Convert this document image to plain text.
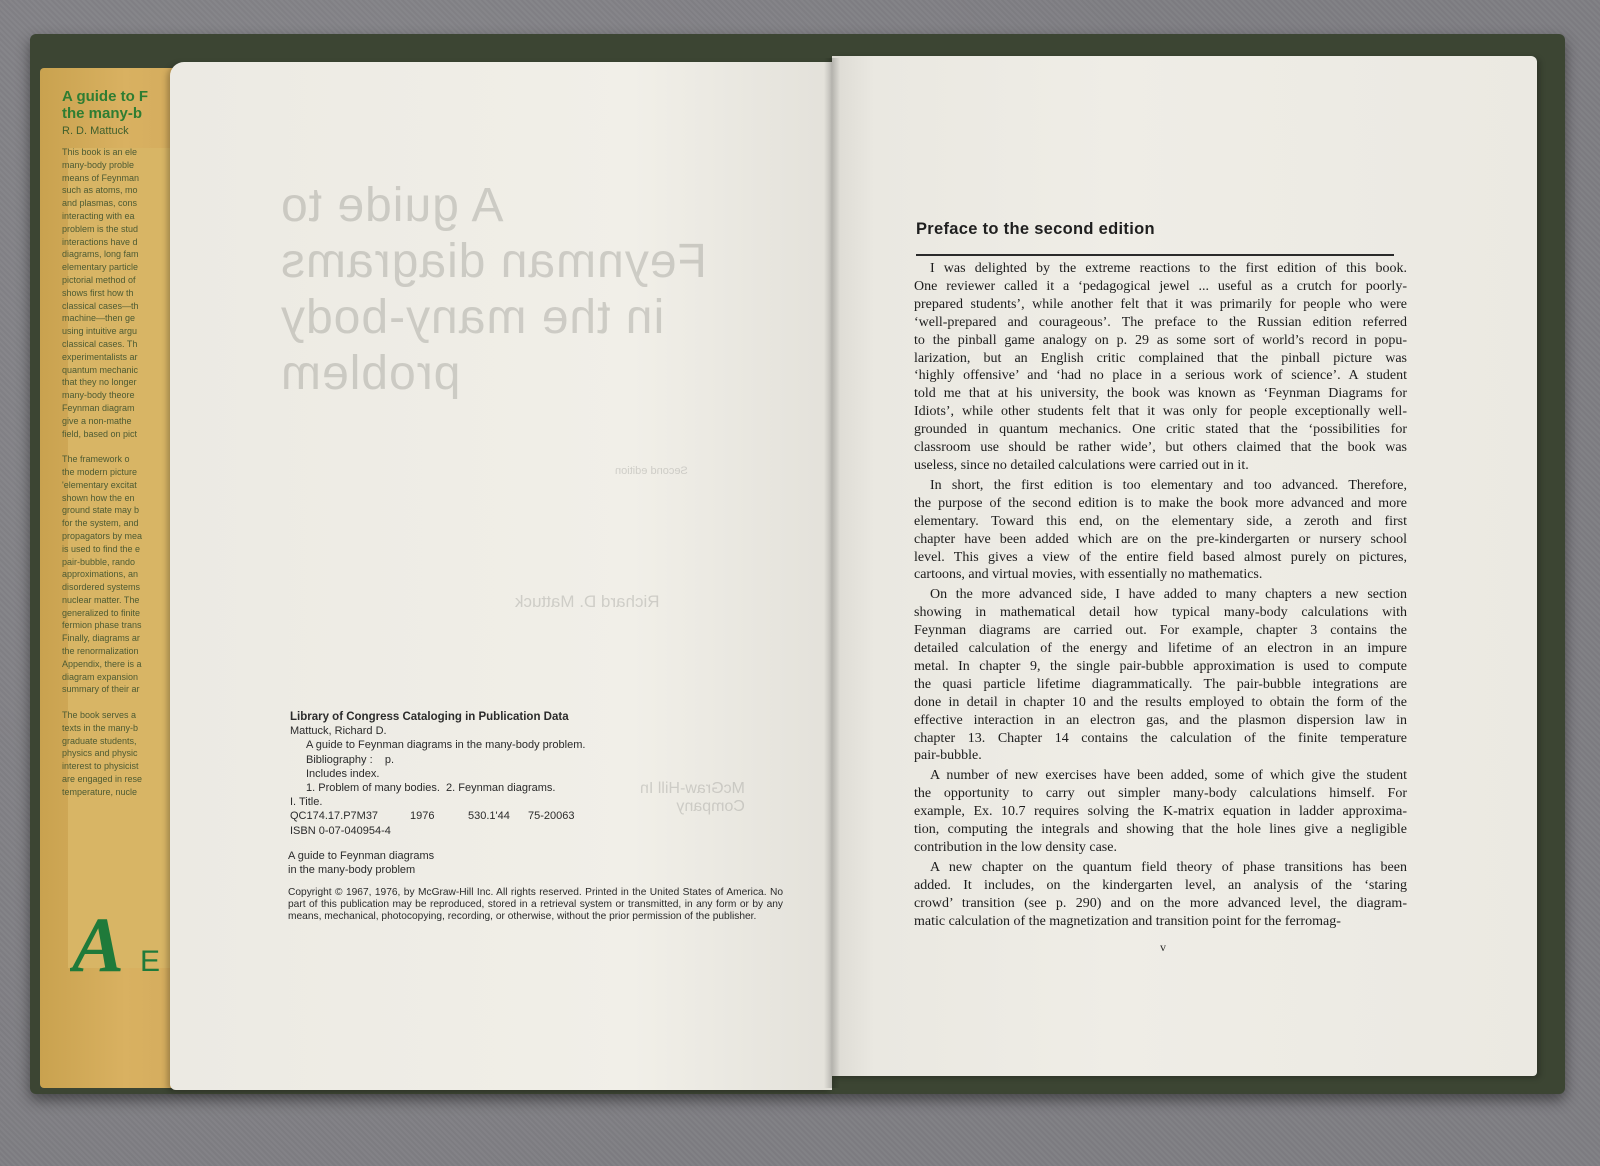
A guide to F
the many-b
R. D. Mattuck
This book is an ele
many-body proble
means of Feynman
such as atoms, mo
and plasmas, cons
interacting with ea
problem is the stud
interactions have d
diagrams, long fam
elementary particle
pictorial method of
shows first how th
classical cases—th
machine—then ge
using intuitive argu
classical cases. Th
experimentalists ar
quantum mechanic
that they no longer
many-body theore
Feynman diagram
give a non-mathe
field, based on pict

The framework o
the modern picture
'elementary excitat
shown how the en
ground state may b
for the system, and
propagators by mea
is used to find the e
pair-bubble, rando
approximations, an
disordered systems
nuclear matter. The
generalized to finite
fermion phase trans
Finally, diagrams ar
the renormalization
Appendix, there is a
diagram expansion
summary of their ar

The book serves a
texts in the many-b
graduate students,
physics and physic
interest to physicist
are engaged in rese
temperature, nucle
A E
A guide to
Feynman diagrams
in the many-body
problem
Second edition
Richard D. Mattuck
McGraw-Hill In
Company
Library of Congress Cataloging in Publication Data
Mattuck, Richard D.
A guide to Feynman diagrams in the many-body problem.
Bibliography :    p.
Includes index.
1. Problem of many bodies.  2. Feynman diagrams.
I. Title.
QC174.17.P7M37	1976	530.1'44	75-20063
ISBN 0-07-040954-4
A guide to Feynman diagrams
in the many-body problem
Copyright © 1967, 1976, by McGraw-Hill Inc. All rights reserved. Printed in the United States of America. No part of this publication may be reproduced, stored in a retrieval system or transmitted, in any form or by any means, mechanical, photocopying, recording, or otherwise, without the prior permission of the publisher.
Preface to the second edition

I was delighted by the extreme reactions to the first edition of this book.
One reviewer called it a ‘pedagogical jewel ... useful as a crutch for poorly-
prepared students’, while another felt that it was primarily for people who were
‘well-prepared and courageous’. The preface to the Russian edition referred
to the pinball game analogy on p. 29 as some sort of world’s record in popu-
larization, but an English critic complained that the pinball picture was
‘highly offensive’ and ‘had no place in a serious work of science’. A student
told me that at his university, the book was known as ‘Feynman Diagrams for
Idiots’, while other students felt that it was only for people exceptionally well-
grounded in quantum mechanics. One critic stated that the ‘possibilities for
classroom use should be rather wide’, but others claimed that the book was
useless, since no detailed calculations were carried out in it.

In short, the first edition is too elementary and too advanced. Therefore,
the purpose of the second edition is to make the book more advanced and more
elementary. Toward this end, on the elementary side, a zeroth and first
chapter have been added which are on the pre-kindergarten or nursery school
level. This gives a view of the entire field based almost purely on pictures,
cartoons, and virtual movies, with essentially no mathematics.

On the more advanced side, I have added to many chapters a new section
showing in mathematical detail how typical many-body calculations with
Feynman diagrams are carried out. For example, chapter 3 contains the
detailed calculation of the energy and lifetime of an electron in an impure
metal. In chapter 9, the single pair-bubble approximation is used to compute
the quasi particle lifetime diagrammatically. The pair-bubble integrations are
done in detail in chapter 10 and the results employed to obtain the form of the
effective interaction in an electron gas, and the plasmon dispersion law in
chapter 13. Chapter 14 contains the calculation of the finite temperature
pair-bubble.

A number of new exercises have been added, some of which give the student
the opportunity to carry out simpler many-body calculations himself. For
example, Ex. 10.7 requires solving the K-matrix equation in ladder approxima-
tion, computing the integrals and showing that the hole lines give a negligible
contribution in the low density case.

A new chapter on the quantum field theory of phase transitions has been
added. It includes, on the kindergarten level, an analysis of the ‘staring
crowd’ transition (see p. 290) and on the more advanced level, the diagram-
matic calculation of the magnetization and transition point for the ferromag-

v
